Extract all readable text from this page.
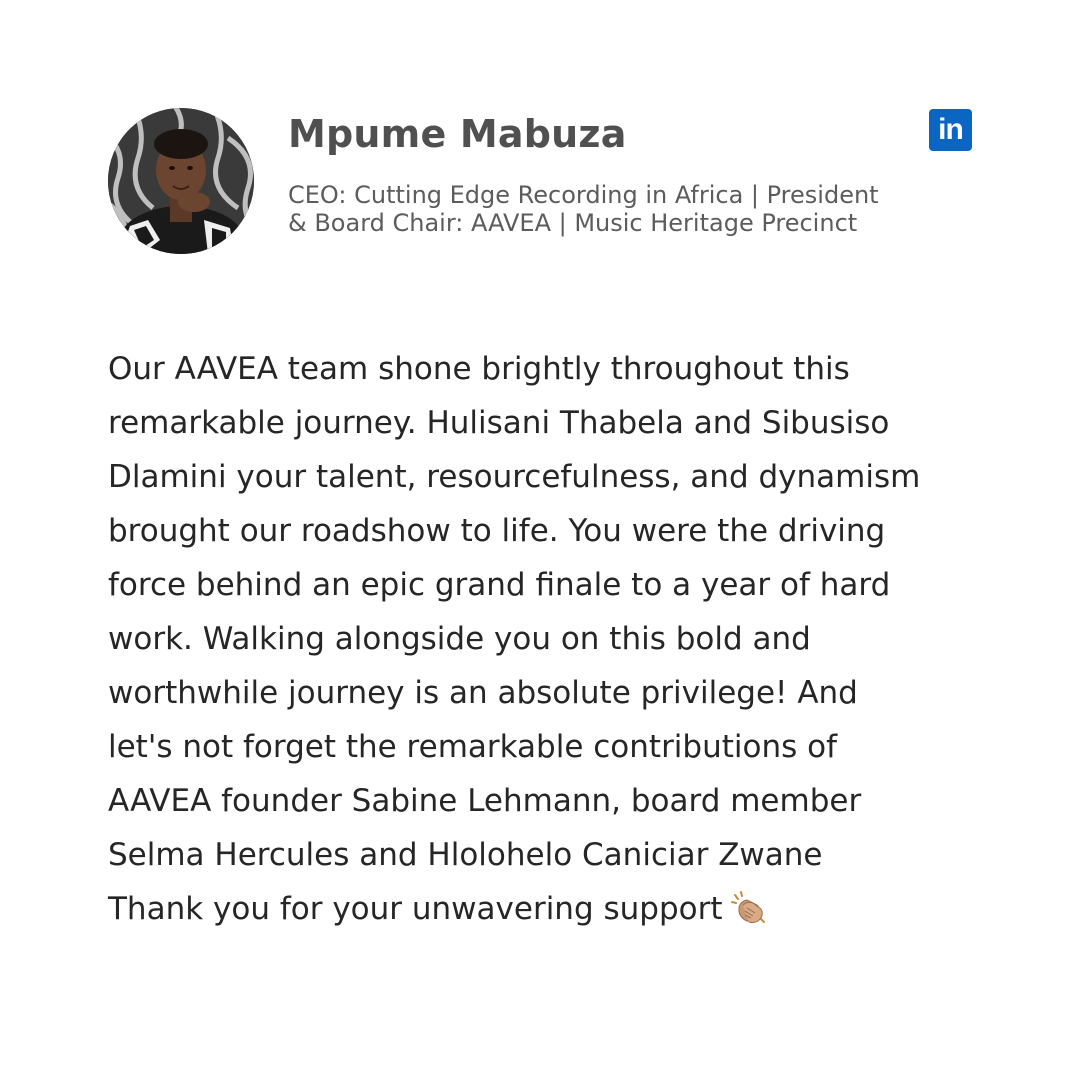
Mpume Mabuza
CEO: Cutting Edge Recording in Africa | President
& Board Chair: AAVEA | Music Heritage Precinct
in
Our AAVEA team shone brightly throughout this
remarkable journey. Hulisani Thabela and Sibusiso
Dlamini your talent, resourcefulness, and dynamism
brought our roadshow to life. You were the driving
force behind an epic grand finale to a year of hard
work. Walking alongside you on this bold and
worthwhile journey is an absolute privilege! And
let's not forget the remarkable contributions of
AAVEA founder Sabine Lehmann, board member
Selma Hercules and Hlolohelo Caniciar Zwane
Thank you for your unwavering support
